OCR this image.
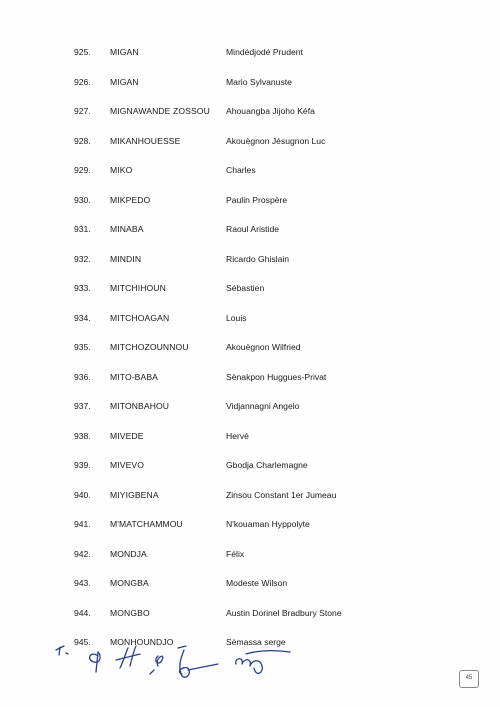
925.	MIGAN	Mindédjodé Prudent
926.	MIGAN	Mario Sylvanuste
927.	MIGNAWANDE ZOSSOU	Ahouangba Jijoho Kéfa
928.	MIKANHOUESSE	Akouègnon Jésugnon Luc
929.	MIKO	Charles
930.	MIKPEDO	Paulin Prospère
931.	MINABA	Raoul Aristide
932.	MINDIN	Ricardo Ghislain
933.	MITCHIHOUN	Sébastien
934.	MITCHOAGAN	Louis
935.	MITCHOZOUNNOU	Akouègnon Wilfried
936.	MITO-BABA	Sènakpon Huggues-Privat
937.	MITONBAHOU	Vidjannagni Angelo
938.	MIVEDE	Hervé
939.	MIVEVO	Gbodja Charlemagne
940.	MIYIGBENA	Zinsou Constant 1er Jumeau
941.	M'MATCHAMMOU	N'kouaman Hyppolyte
942.	MONDJA	Félix
943.	MONGBA	Modeste Wilson
944.	MONGBO	Austin Dorinel Bradbury Stone
945.	MONHOUNDJO	Sèmassa serge
45
